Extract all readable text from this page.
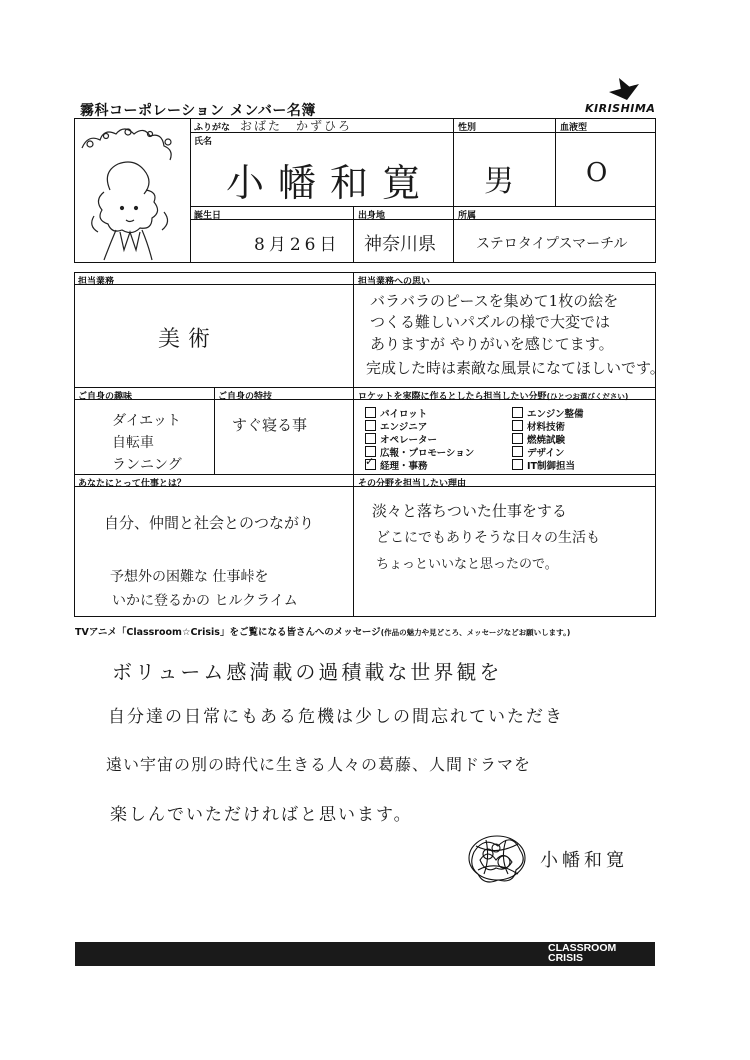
霧科コーポレーション メンバー名簿	KIRISHIMA
ふりがな おばた　かずひろ
氏名
小幡和寛
性別
男
血液型
O
誕生日
8月26日
出身地
神奈川県
所属
ステロタイプスマーチル
担当業務
美術
担当業務への思い
バラバラのピースを集めて1枚の絵を
つくる難しいパズルの様で大変では
ありますが やりがいを感じてます。
完成した時は素敵な風景になてほしいです。
ご自身の趣味
ダイエット
自転車
ランニング
ご自身の特技
すぐ寝る事
ロケットを実際に作るとしたら担当したい分野(ひとつお選びください)
パイロット	エンジン整備
エンジニア	材料技術
オペレーター	燃焼試験
広報・プロモーション	デザイン
✓経理・事務	IT制御担当
あなたにとって仕事とは？
自分、仲間と社会とのつながり
予想外の困難な 仕事峠を
いかに登るかの ヒルクライム
その分野を担当したい理由
淡々と落ちついた仕事をする
どこにでもありそうな日々の生活も
ちょっといいなと思ったので。
TVアニメ「Classroom☆Crisis」をご覧になる皆さんへのメッセージ(作品の魅力や見どころ、メッセージなどお願いします。)
ボリューム感満載の過積載な世界観を
自分達の日常にもある危機は少しの間忘れていただき
遠い宇宙の別の時代に生きる人々の葛藤、人間ドラマを
楽しんでいただければと思います。
小幡和寛
CLASSROOM
CRISIS
